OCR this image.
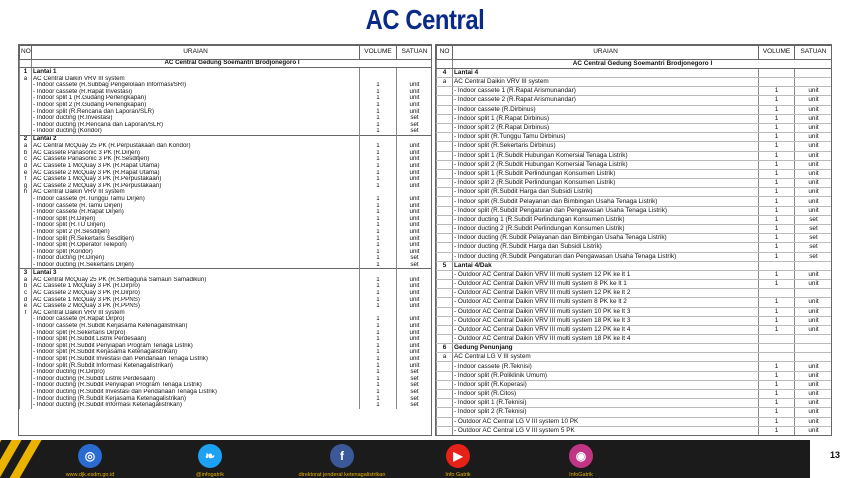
AC Central
NO	URAIAN	VOLUME	SATUAN
	AC Central Gedung Soemantri Brodjonegoro I		
1	Lantai 1		
a	AC Central Daikin VRV III system		
	- Indoor cassete (R.Subbag Pengelolaan Informasi/SRI)	1	unit
	- Indoor cassete (R.Rapat Investasi)	1	unit
	- Indoor split 1 (R.Gudang Perlengkapan)	1	unit
	- Indoor split 2 (R.Gudang Perlengkapan)	1	unit
	- Indoor split (R.Rencana dan Laporan/SLR)	1	unit
	- Indoor ducting (R.Investasi)	1	set
	- Indoor ducting (R.Rencana dan Laporan/SLR)	1	set
	- Indoor ducting (Koridor)	1	set
2	Lantai 2		
a	AC Central McQuay 25 PK (R.Perpustakaan dan Koridor)	1	unit
b	AC Cassete Panasonic 3 PK (R.Dirjen)	1	unit
c	AC Cassete Panasonic 3 PK (R.Sesditjen)	1	unit
d	AC Cassete 1 McQuay 3 PK (R.Rapat Utama)	1	unit
e	AC Cassete 2 McQuay 3 PK (R.Rapat Utama)	1	unit
f	AC Cassete 1 McQuay 3 PK (R.Perpustakaan)	1	unit
g	AC Cassete 2 McQuay 3 PK (R.Perpustakaan)	1	unit
h	AC Central Daikin VRV III system		
	- Indoor cassete (R.Tunggu Tamu Dirjen)	1	unit
	- Indoor cassete (R.Tamu Dirjen)	1	unit
	- Indoor cassete (R.Rapat Dirjen)	1	unit
	- Indoor split (R.Dirjen)	1	unit
	- Indoor split (R.TU Dirjen)	1	unit
	- Indoor split 2 (R.Sesditjen)	1	unit
	- Indoor split (R.Sekertaris Sesditjen)	1	unit
	- Indoor split (R.Operator Telepon)	1	unit
	- Indoor split (Koridor)	1	unit
	- Indoor ducting (R.Dirjen)	1	set
	- Indoor ducting (R.Sekertaris Dirjen)	1	set
3	Lantai 3		
a	AC Central McQuay 25 PK (R.Serbaguna Samaun Samadikun)	1	unit
b	AC Cassete 1 McQuay 3 PK (R.Dirpro)	1	unit
c	AC Cassete 2 McQuay 3 PK (R.Dirpro)	1	unit
d	AC Cassete 1 McQuay 3 PK (R.PPNS)	1	unit
e	AC Cassete 2 McQuay 3 PK (R.PPNS)	1	unit
f	AC Central Daikin VRV III system		
	- Indoor cassete (R.Rapat Dirpro)	1	unit
	- Indoor cassete (R.Subdit Kerjasama Ketenagalistrikan)	1	unit
	- Indoor split (R.Sekertaris Dirpro)	1	unit
	- Indoor split (R.Subdit Listrik Perdesaan)	1	unit
	- Indoor split (R.Subdit Penyiapan Program Tenaga Listrik)	1	unit
	- Indoor split (R.Subdit Kerjasama Ketenagalistrikan)	1	unit
	- Indoor split (R.Subdit Investasi dan Pendanaan Tenaga Listrik)	1	unit
	- Indoor split (R.Subdit Informasi Ketenagalistrikan)	1	unit
	- Indoor ducting (R.Dirpro)	1	set
	- Indoor ducting (R.Subdit Listrik Perdesaan)	1	set
	- Indoor ducting (R.Subdit Penyiapan Program Tenaga Listrik)	1	set
	- Indoor ducting (R.Subdit Investasi dan Pendanaan Tenaga Listrik)	1	set
	- Indoor ducting (R.Subdit Kerjasama Ketenagalistrikan)	1	set
	- Indoor ducting (R.Subdit Informasi Ketenagalistrikan)	1	set
NO	URAIAN	VOLUME	SATUAN
	AC Central Gedung Soemantri Brodjonegoro I		
4	Lantai 4		
a	AC Central Daikin VRV III system		
	- Indoor cassete 1 (R.Rapat Arismunandar)	1	unit
	- Indoor cassete 2 (R.Rapat Arismunandar)	1	unit
	- Indoor cassete (R.Dirbinus)	1	unit
	- Indoor split 1 (R.Rapat Dirbinus)	1	unit
	- Indoor split 2 (R.Rapat Dirbinus)	1	unit
	- Indoor split (R.Tunggu Tamu Dirbinus)	1	unit
	- Indoor split (R.Sekertaris Dirbinus)	1	unit
	- Indoor split 1 (R.Subdit Hubungan Komersial Tenaga Listrik)	1	unit
	- Indoor split 2 (R.Subdit Hubungan Komersial Tenaga Listrik)	1	unit
	- Indoor split 1 (R.Subdit Perlindungan Konsumen Listrik)	1	unit
	- Indoor split 2 (R.Subdit Perlindungan Konsumen Listrik)	1	unit
	- Indoor split (R.Subdit Harga dan Subsidi Listrik)	1	unit
	- Indoor split (R.Subdit Pelayanan dan Bimbingan Usaha Tenaga Listrik)	1	unit
	- Indoor split (R.Subdit Pengaturan dan Pengawasan Usaha Tenaga Listrik)	1	unit
	- Indoor ducting 1 (R.Subdit Perlindungan Konsumen Listrik)	1	set
	- Indoor ducting 2 (R.Subdit Perlindungan Konsumen Listrik)	1	set
	- Indoor ducting (R.Subdit Pelayanan dan Bimbingan Usaha Tenaga Listrik)	1	set
	- Indoor ducting (R.Subdit Harga dan Subsidi Listrik)	1	set
	- Indoor ducting (R.Subdit Pengaturan dan Pengawasan Usaha Tenaga Listrik)	1	set
5	Lantai 4/Dak		
	- Outdoor AC Central Daikin VRV III multi system 12 PK ke lt 1	1	unit
	- Outdoor AC Central Daikin VRV III multi system 8 PK ke lt 1	1	unit
	- Outdoor AC Central Daikin VRV III multi system 12 PK ke lt 2		
	- Outdoor AC Central Daikin VRV III multi system 8 PK ke lt 2	1	unit
	- Outdoor AC Central Daikin VRV III multi system 10 PK ke lt 3	1	unit
	- Outdoor AC Central Daikin VRV III multi system 18 PK ke lt 3	1	unit
	- Outdoor AC Central Daikin VRV III multi system 12 PK ke lt 4	1	unit
	- Outdoor AC Central Daikin VRV III multi system 18 PK ke lt 4		
6	Gedung Penunjang		
a	AC Central LG V III system		
	- Indoor cassete (R.Teknisi)	1	unit
	- Indoor split (R.Poliklinik Umum)	1	unit
	- Indoor split (R.Koperasi)	1	unit
	- Indoor split (R.Citos)	1	unit
	- Indoor split 1 (R.Teknisi)	1	unit
	- Indoor split 2 (R.Teknisi)	1	unit
	- Outdoor AC Central LG V III system 10 PK	1	unit
	- Outdoor AC Central LG V III system 5 PK	1	unit
◎
www.djk.esdm.go.id
❧
@infogatrik
f
direktorat jenderal ketenagalistrikan
▶
Info Gatrik
◉
InfoGatrik
13
